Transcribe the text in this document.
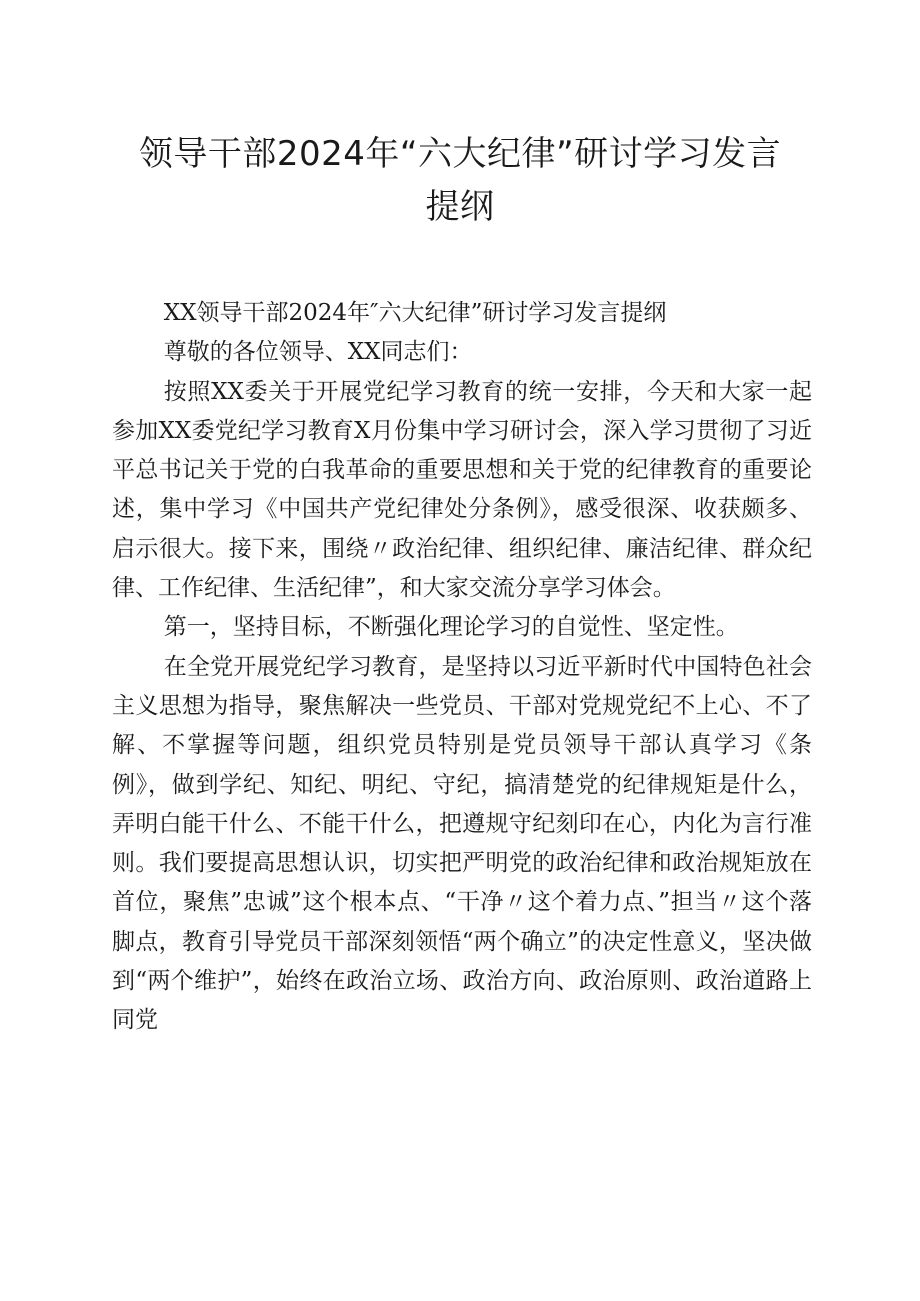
领导干部2024年“六大纪律”研讨学习发言提纲

XX领导干部2024年″六大纪律”研讨学习发言提纲

尊敬的各位领导、XX同志们：

按照XX委关于开展党纪学习教育的统一安排，今天和大家一起参加XX委党纪学习教育X月份集中学习研讨会，深入学习贯彻了习近平总书记关于党的白我革命的重要思想和关于党的纪律教育的重要论述，集中学习《中国共产党纪律处分条例》，感受很深、收获颇多、启示很大。接下来，围绕〃政治纪律、组织纪律、廉洁纪律、群众纪律、工作纪律、生活纪律”，和大家交流分享学习体会。

第一，坚持目标，不断强化理论学习的自觉性、坚定性。

在全党开展党纪学习教育，是坚持以习近平新时代中国特色社会主义思想为指导，聚焦解决一些党员、干部对党规党纪不上心、不了解、不掌握等问题，组织党员特别是党员领导干部认真学习《条例》，做到学纪、知纪、明纪、守纪，搞清楚党的纪律规矩是什么，弄明白能干什么、不能干什么，把遵规守纪刻印在心，内化为言行准则。我们要提高思想认识，切实把严明党的政治纪律和政治规矩放在首位，聚焦”忠诚”这个根本点、“干净〃这个着力点、”担当〃这个落脚点，教育引导党员干部深刻领悟“两个确立”的决定性意义，坚决做到“两个维护”，始终在政治立场、政治方向、政治原则、政治道路上同党
